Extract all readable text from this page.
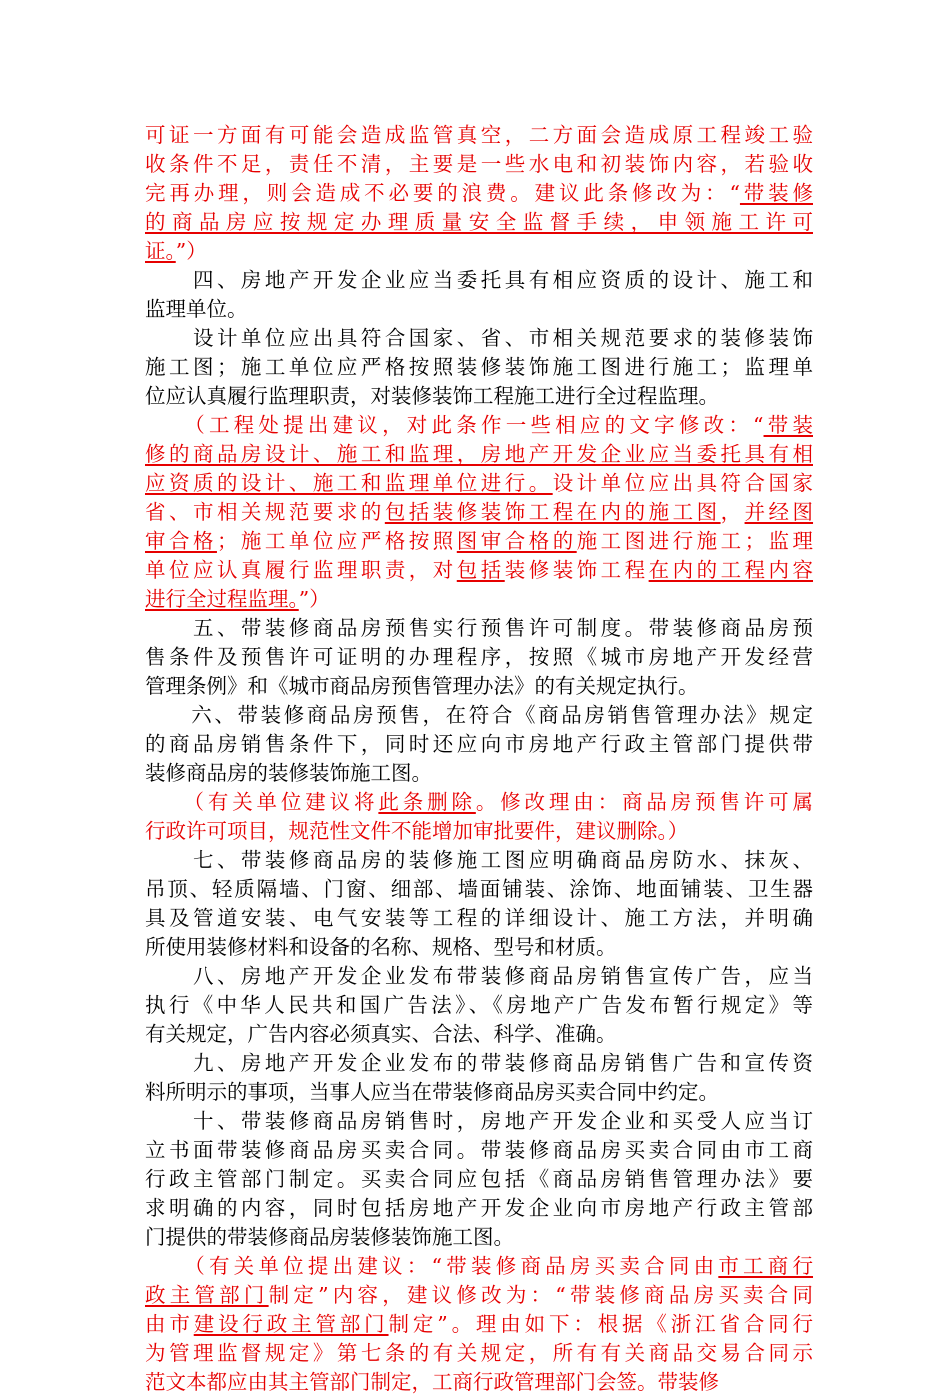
可证一方面有可能会造成监管真空，二方面会造成原工程竣工验
收条件不足，责任不清，主要是一些水电和初装饰内容，若验收
完再办理，则会造成不必要的浪费。建议此条修改为：“带装修
的商品房应按规定办理质量安全监督手续，申领施工许可
证。”）
　　四、房地产开发企业应当委托具有相应资质的设计、施工和
监理单位。
　　设计单位应出具符合国家、省、市相关规范要求的装修装饰
施工图；施工单位应严格按照装修装饰施工图进行施工；监理单
位应认真履行监理职责，对装修装饰工程施工进行全过程监理。
　　（工程处提出建议，对此条作一些相应的文字修改：“带装
修的商品房设计、施工和监理，房地产开发企业应当委托具有相
应资质的设计、施工和监理单位进行。设计单位应出具符合国家
省、市相关规范要求的包括装修装饰工程在内的施工图，并经图
审合格；施工单位应严格按照图审合格的施工图进行施工；监理
单位应认真履行监理职责，对包括装修装饰工程在内的工程内容
进行全过程监理。”）
　　五、带装修商品房预售实行预售许可制度。带装修商品房预
售条件及预售许可证明的办理程序，按照《城市房地产开发经营
管理条例》和《城市商品房预售管理办法》的有关规定执行。
　　六、带装修商品房预售，在符合《商品房销售管理办法》规定
的商品房销售条件下，同时还应向市房地产行政主管部门提供带
装修商品房的装修装饰施工图。
　　（有关单位建议将此条删除。修改理由：商品房预售许可属
行政许可项目，规范性文件不能增加审批要件，建议删除。）
　　七、带装修商品房的装修施工图应明确商品房防水、抹灰、
吊顶、轻质隔墙、门窗、细部、墙面铺装、涂饰、地面铺装、卫生器
具及管道安装、电气安装等工程的详细设计、施工方法，并明确
所使用装修材料和设备的名称、规格、型号和材质。
　　八、房地产开发企业发布带装修商品房销售宣传广告，应当
执行《中华人民共和国广告法》、《房地产广告发布暂行规定》等
有关规定，广告内容必须真实、合法、科学、准确。
　　九、房地产开发企业发布的带装修商品房销售广告和宣传资
料所明示的事项，当事人应当在带装修商品房买卖合同中约定。
　　十、带装修商品房销售时，房地产开发企业和买受人应当订
立书面带装修商品房买卖合同。带装修商品房买卖合同由市工商
行政主管部门制定。买卖合同应包括《商品房销售管理办法》要
求明确的内容，同时包括房地产开发企业向市房地产行政主管部
门提供的带装修商品房装修装饰施工图。
　　（有关单位提出建议：“带装修商品房买卖合同由市工商行
政主管部门制定”内容，建议修改为：“带装修商品房买卖合同
由市建设行政主管部门制定”。理由如下：根据《浙江省合同行
为管理监督规定》第七条的有关规定，所有有关商品交易合同示
范文本都应由其主管部门制定，工商行政管理部门会签。带装修
